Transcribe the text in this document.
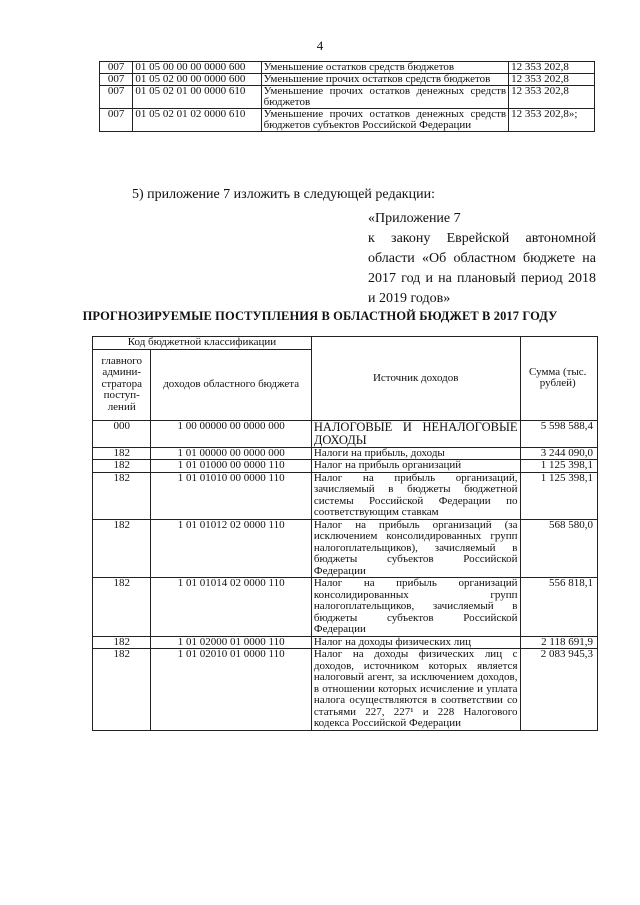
4
007	01 05 00 00 00 0000 600	Уменьшение остатков средств бюджетов	12 353 202,8
007	01 05 02 00 00 0000 600	Уменьшение прочих остатков средств бюджетов	12 353 202,8
007	01 05 02 01 00 0000 610	Уменьшение прочих остатков денежных средств бюджетов	12 353 202,8
007	01 05 02 01 02 0000 610	Уменьшение прочих остатков денежных средств бюджетов субъектов Российской Федерации	12 353 202,8»;
5) приложение 7 изложить в следующей редакции:
«Приложение 7
к закону Еврейской автономной области «Об областном бюджете на 2017 год и на плановый период 2018 и 2019 годов»
ПРОГНОЗИРУЕМЫЕ ПОСТУПЛЕНИЯ В ОБЛАСТНОЙ БЮДЖЕТ В 2017 ГОДУ
Код бюджетной классификации		Источник доходов	Сумма (тыс. рублей)
главного админи-стратора поступ-лений	доходов областного бюджета		
000	1 00 00000 00 0000 000	НАЛОГОВЫЕ И НЕНАЛОГОВЫЕ ДОХОДЫ	5 598 588,4
182	1 01 00000 00 0000 000	Налоги на прибыль, доходы	3 244 090,0
182	1 01 01000 00 0000 110	Налог на прибыль организаций	1 125 398,1
182	1 01 01010 00 0000 110	Налог на прибыль организаций, зачисляемый в бюджеты бюджетной системы Российской Федерации по соответствующим ставкам	1 125 398,1
182	1 01 01012 02 0000 110	Налог на прибыль организаций (за исключением консолидированных групп налогоплательщиков), зачисляемый в бюджеты субъектов Российской Федерации	568 580,0
182	1 01 01014 02 0000 110	Налог на прибыль организаций консолидированных групп налогоплательщиков, зачисляемый в бюджеты субъектов Российской Федерации	556 818,1
182	1 01 02000 01 0000 110	Налог на доходы физических лиц	2 118 691,9
182	1 01 02010 01 0000 110	Налог на доходы физических лиц с доходов, источником которых является налоговый агент, за исключением доходов, в отношении которых исчисление и уплата налога осуществляются в соответствии со статьями 227, 227¹ и 228 Налогового кодекса Российской Федерации	2 083 945,3
